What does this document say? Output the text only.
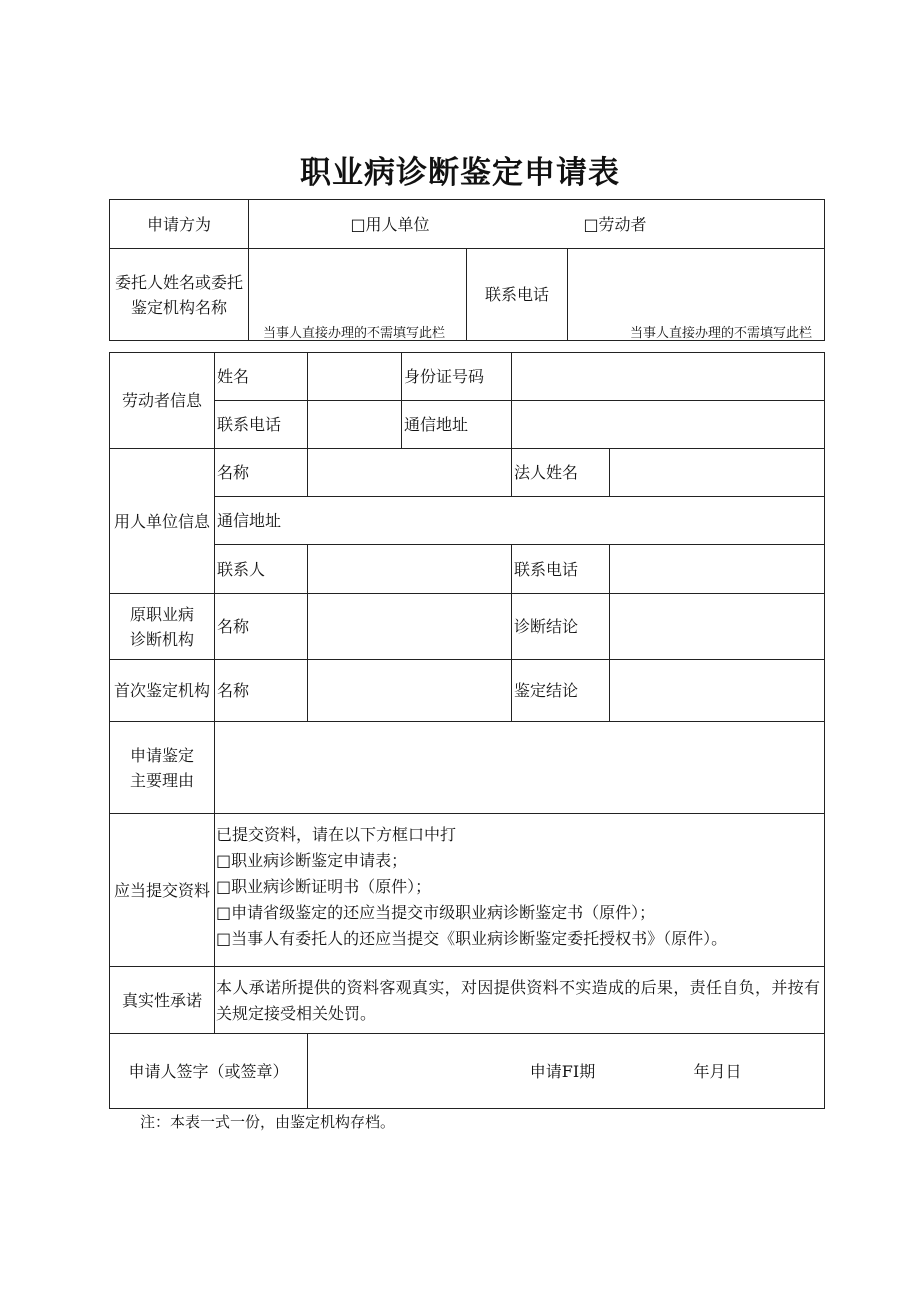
职业病诊断鉴定申请表
申请方为	□用人单位	□劳动者
委托人姓名或委托
鉴定机构名称
当事人直接办理的不需填写此栏
联系电话
当事人直接办理的不需填写此栏
劳动者信息
姓名	身份证号码
联系电话	通信地址
用人单位信息
名称	法人姓名
通信地址
联系人	联系电话
原职业病
诊断机构
名称	诊断结论
首次鉴定机构 名称	鉴定结论
申请鉴定
主要理由
应当提交资料
已提交资料，请在以下方框口中打
□职业病诊断鉴定申请表；
□职业病诊断证明书（原件）；
□申请省级鉴定的还应当提交市级职业病诊断鉴定书（原件）；
□当事人有委托人的还应当提交《职业病诊断鉴定委托授权书》（原件）。
真实性承诺
本人承诺所提供的资料客观真实，对因提供资料不实造成的后果，责任自负，并按有关规定接受相关处罚。
申请人签字（或签章）	申请FI期	年月日
注：本表一式一份，由鉴定机构存档。
